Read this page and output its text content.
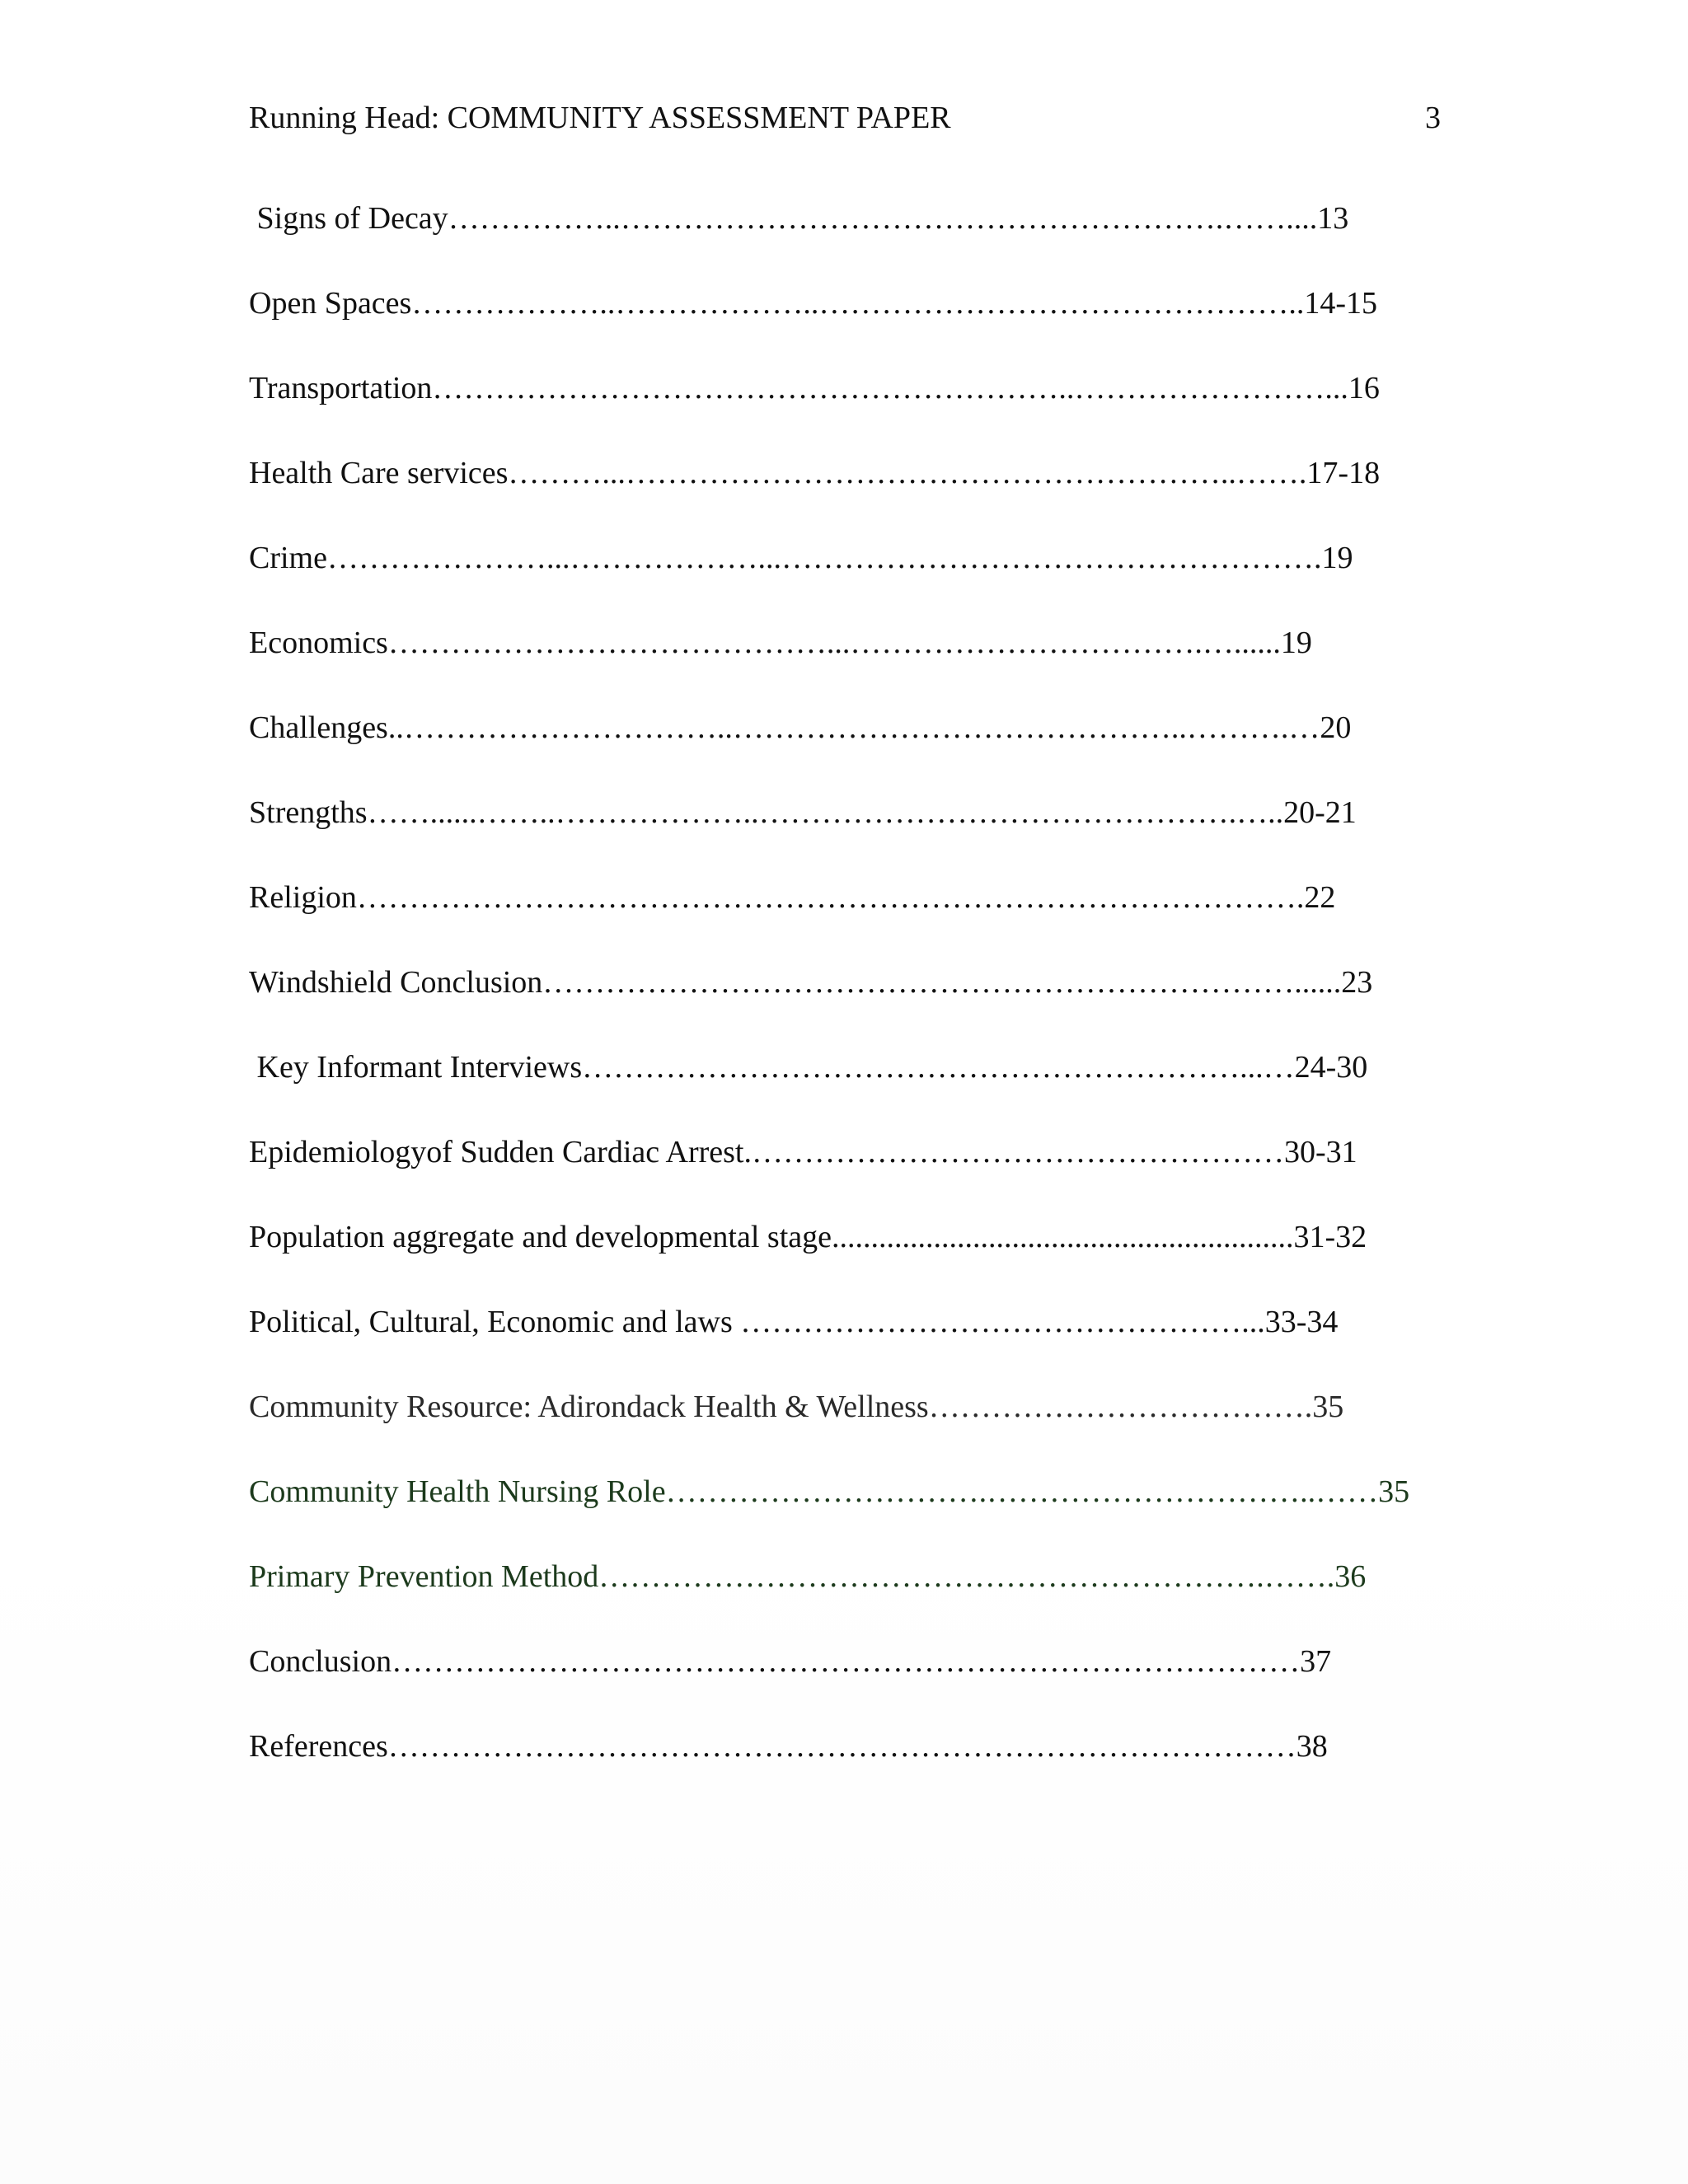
Running Head: COMMUNITY ASSESSMENT PAPER	3
Signs of Decay……………..………………………………………………….……....13
Open Spaces………………..………………..………………………………………..14-15
Transportation……………………………………………………..……………………...16
Health Care services………...…………………………………………………..…….17-18
Crime…………………...………………...…………………………………………….19
Economics……………………………………...…………………………….…......19
Challenges..…………………………..……………………………………..……….…20
Strengths……......……..………………..……………………………………….…..20-21
Religion……………………………………………………………………………….22
Windshield Conclusion………………………………………………………………......23
Key Informant Interviews………………………………………………………...…24-30
Epidemiologyof Sudden Cardiac Arrest.……………………………………………30-31
Population aggregate and developmental stage...........................................................31-32
Political, Cultural, Economic and laws …………………………………………...33-34
Community Resource: Adirondack Health & Wellness……………………………….35
Community Health Nursing Role………………………….…………………………..……35
Primary Prevention Method……………………………………………………….…….36
Conclusion……………………………………………………………………………37
References……………………………………………………………………………38
